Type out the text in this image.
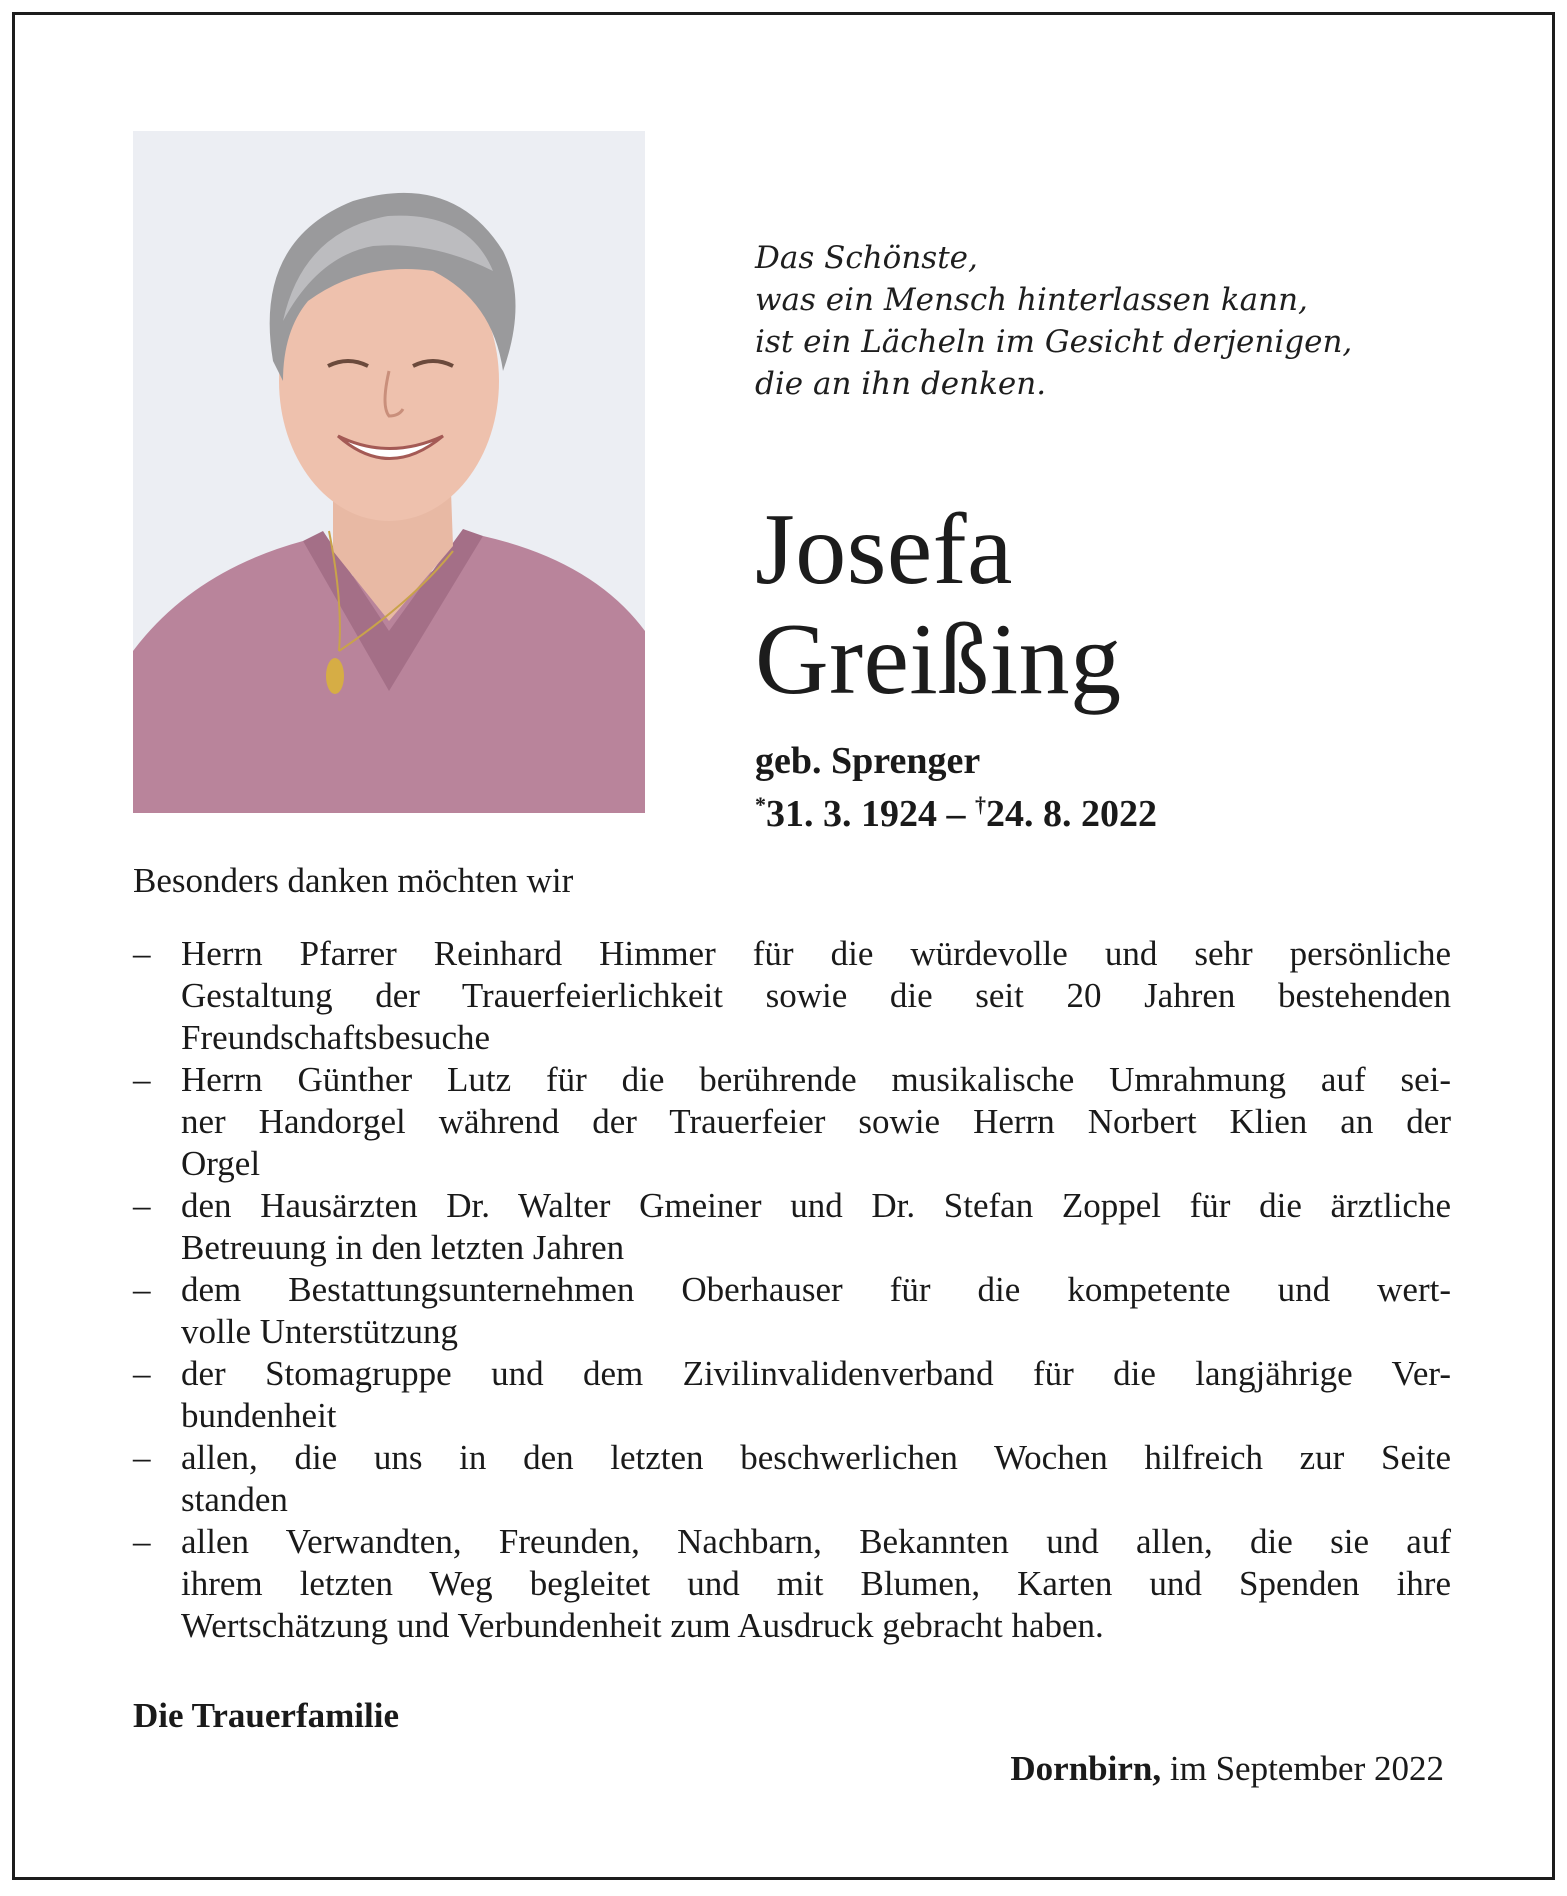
Das Schönste,
was ein Mensch hinterlassen kann,
ist ein Lächeln im Gesicht derjenigen,
die an ihn denken.
Josefa
Greißing
geb. Sprenger
*31. 3. 1924 – †24. 8. 2022
Besonders danken möchten wir
– Herrn Pfarrer Reinhard Himmer für die würdevolle und sehr persönliche
Gestaltung der Trauerfeierlichkeit sowie die seit 20 Jahren bestehenden
Freundschaftsbesuche
– Herrn Günther Lutz für die berührende musikalische Umrahmung auf sei-
ner Handorgel während der Trauerfeier sowie Herrn Norbert Klien an der
Orgel
– den Hausärzten Dr. Walter Gmeiner und Dr. Stefan Zoppel für die ärztliche
Betreuung in den letzten Jahren
– dem Bestattungsunternehmen Oberhauser für die kompetente und wert-
volle Unterstützung
– der Stomagruppe und dem Zivilinvalidenverband für die langjährige Ver-
bundenheit
– allen, die uns in den letzten beschwerlichen Wochen hilfreich zur Seite
standen
– allen Verwandten, Freunden, Nachbarn, Bekannten und allen, die sie auf
ihrem letzten Weg begleitet und mit Blumen, Karten und Spenden ihre
Wertschätzung und Verbundenheit zum Ausdruck gebracht haben.
Die Trauerfamilie
Dornbirn, im September 2022
